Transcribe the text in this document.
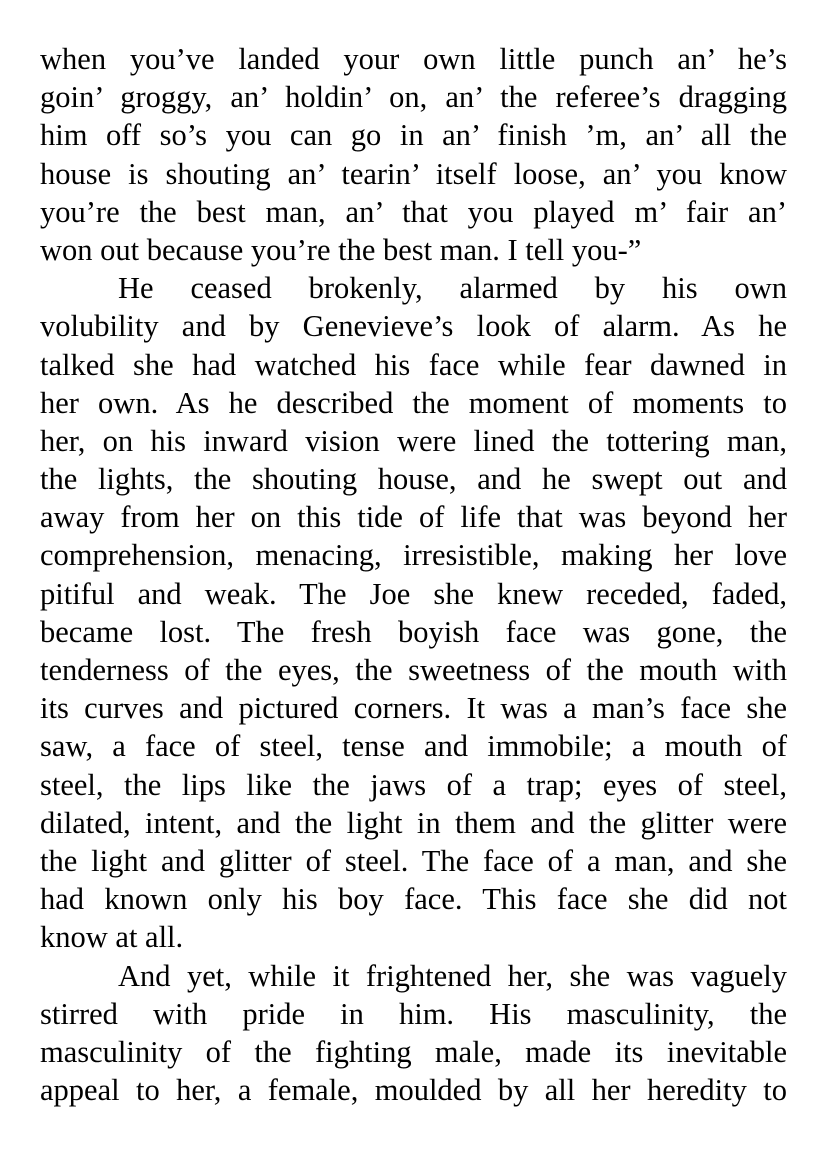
when you’ve landed your own little punch an’ he’s
goin’ groggy, an’ holdin’ on, an’ the referee’s dragging
him off so’s you can go in an’ finish ’m, an’ all the
house is shouting an’ tearin’ itself loose, an’ you know
you’re the best man, an’ that you played m’ fair an’
won out because you’re the best man. I tell you-”
He ceased brokenly, alarmed by his own
volubility and by Genevieve’s look of alarm. As he
talked she had watched his face while fear dawned in
her own. As he described the moment of moments to
her, on his inward vision were lined the tottering man,
the lights, the shouting house, and he swept out and
away from her on this tide of life that was beyond her
comprehension, menacing, irresistible, making her love
pitiful and weak. The Joe she knew receded, faded,
became lost. The fresh boyish face was gone, the
tenderness of the eyes, the sweetness of the mouth with
its curves and pictured corners. It was a man’s face she
saw, a face of steel, tense and immobile; a mouth of
steel, the lips like the jaws of a trap; eyes of steel,
dilated, intent, and the light in them and the glitter were
the light and glitter of steel. The face of a man, and she
had known only his boy face. This face she did not
know at all.
And yet, while it frightened her, she was vaguely
stirred with pride in him. His masculinity, the
masculinity of the fighting male, made its inevitable
appeal to her, a female, moulded by all her heredity to
